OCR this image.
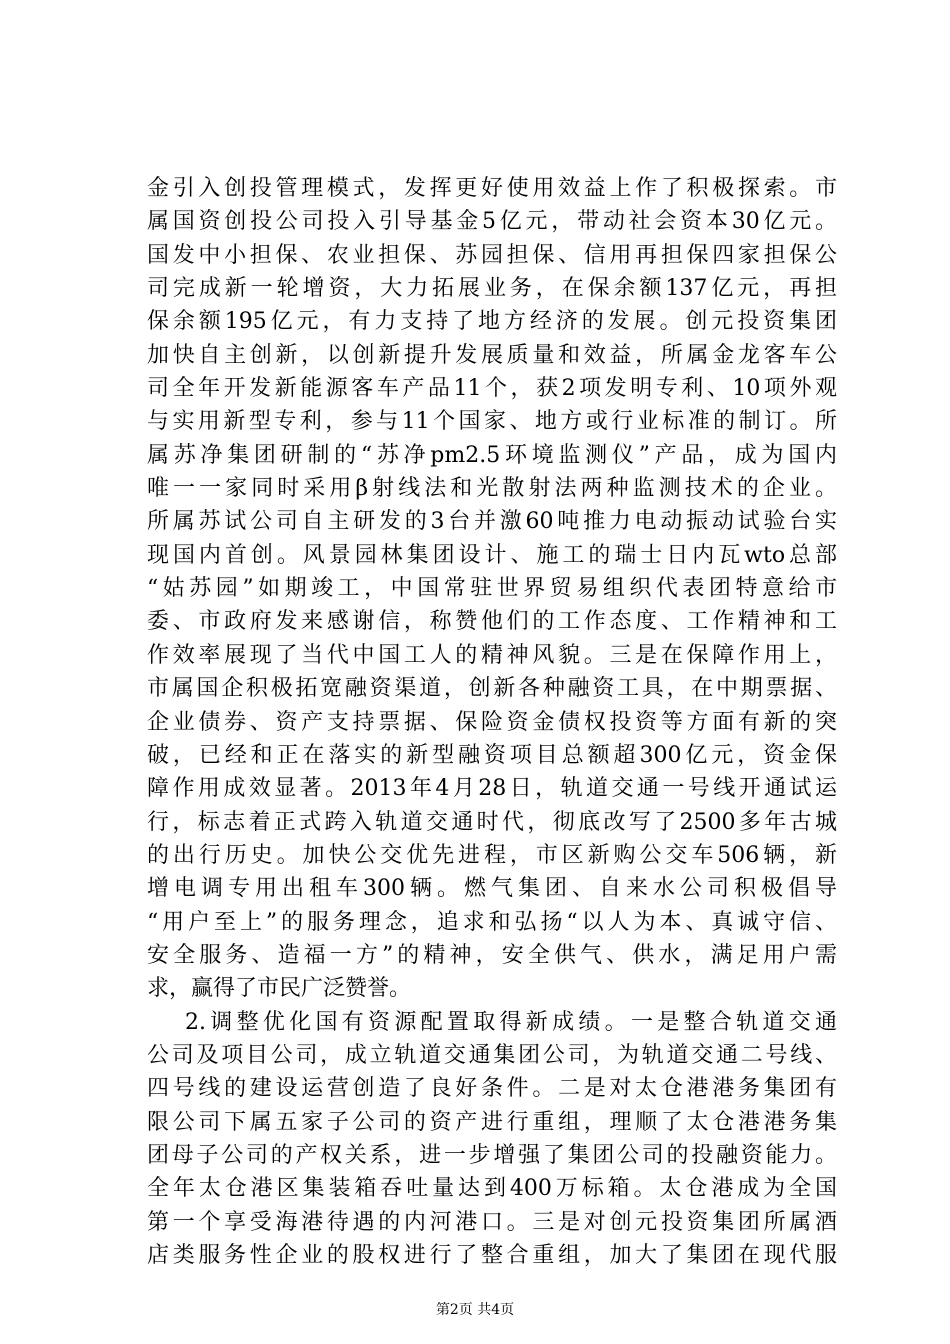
金引入创投管理模式，发挥更好使用效益上作了积极探索。市
属国资创投公司投入引导基金5亿元，带动社会资本30亿元。
国发中小担保、农业担保、苏园担保、信用再担保四家担保公
司完成新一轮增资，大力拓展业务，在保余额137亿元，再担
保余额195亿元，有力支持了地方经济的发展。创元投资集团
加快自主创新，以创新提升发展质量和效益，所属金龙客车公
司全年开发新能源客车产品11个，获2项发明专利、10项外观
与实用新型专利，参与11个国家、地方或行业标准的制订。所
属苏净集团研制的“苏净pm2.5环境监测仪”产品，成为国内
唯一一家同时采用β射线法和光散射法两种监测技术的企业。
所属苏试公司自主研发的3台并激60吨推力电动振动试验台实
现国内首创。风景园林集团设计、施工的瑞士日内瓦wto总部
“姑苏园”如期竣工，中国常驻世界贸易组织代表团特意给市
委、市政府发来感谢信，称赞他们的工作态度、工作精神和工
作效率展现了当代中国工人的精神风貌。三是在保障作用上，
市属国企积极拓宽融资渠道，创新各种融资工具，在中期票据、
企业债券、资产支持票据、保险资金债权投资等方面有新的突
破，已经和正在落实的新型融资项目总额超300亿元，资金保
障作用成效显著。2013年4月28日，轨道交通一号线开通试运
行，标志着正式跨入轨道交通时代，彻底改写了2500多年古城
的出行历史。加快公交优先进程，市区新购公交车506辆，新
增电调专用出租车300辆。燃气集团、自来水公司积极倡导
“用户至上”的服务理念，追求和弘扬“以人为本、真诚守信、
安全服务、造福一方”的精神，安全供气、供水，满足用户需
求，赢得了市民广泛赞誉。
2.调整优化国有资源配置取得新成绩。一是整合轨道交通
公司及项目公司，成立轨道交通集团公司，为轨道交通二号线、
四号线的建设运营创造了良好条件。二是对太仓港港务集团有
限公司下属五家子公司的资产进行重组，理顺了太仓港港务集
团母子公司的产权关系，进一步增强了集团公司的投融资能力。
全年太仓港区集装箱吞吐量达到400万标箱。太仓港成为全国
第一个享受海港待遇的内河港口。三是对创元投资集团所属酒
店类服务性企业的股权进行了整合重组，加大了集团在现代服
第2页 共4页
